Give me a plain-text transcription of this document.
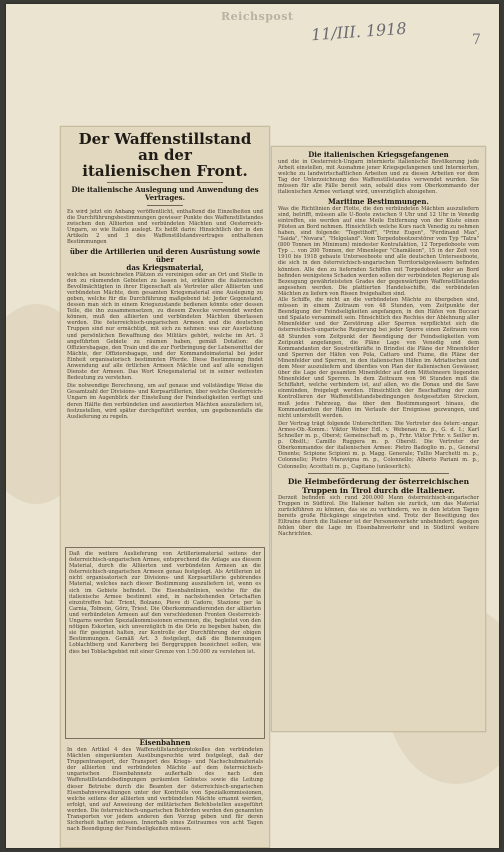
Reichspost
11/III. 1918	7
Der Waffenstillstand an der
italienischen Front.
Die italienische Auslegung und Anwendung des
Vertrages.

Es wird jetzt ein Anhang veröffentlicht, enthaltend die Einzelheiten und die Durchführungsbestimmungen gewisser Punkte des Waffenstillstandes zwischen den Alliierten und verbündeten Mächten und Oesterreich-Ungarn, so wie Italien auslegt. Es heißt darin: Hinsichtlich der in den Artikeln 2 und 3 des Waffenstillstandsvertrages enthaltenen Bestimmungen

über die Artillerien und deren Ausrüstung sowie über
das Kriegsmaterial,

welches an bezeichneten Plätzen zu vereinigen oder an Ort und Stelle in den zu räumenden Gebieten zu lassen ist, erklären die italienischen Bevollmächtigten in ihrer Eigenschaft als Vertreter aller Alliierten und verbündeten Mächte, dem gesamten Kriegsmaterial eine Auslegung zu geben, welche für die Durchführung maßgebend ist: Jeder Gegenstand, dessen man sich in einem Kriegszustande bedienen könnte oder dessen Teile, die ihn zusammensetzen, zu diesem Zwecke verwendet werden können, muß den alliierten und verbündeten Mächten überlassen werden. Die österreichisch-ungarischen Armeen und die deutschen Truppen sind nur ermächtigt, mit sich zu nehmen: was zur Ausrüstung und persönlichen Bewaffnung des Militärs gehört, welche im Art. 3 angeführten Gebiete zu räumen haben, gemäß Dotation: die Offiziersbagage, den Train und die zur Fortbringung der Lebensmittel der Mächte, der Offiziersbagage, und der Kommandoimaterial bei jeder Einheit organisatorisch bestimmten Pferde. Diese Bestimmung findet Anwendung auf alle örtlichen Armeen Mächte und auf alle sonstigen Dienste der Armeen. Das Wort Kriegsmaterial ist in seiner weitesten Bedeutung zu verstehen.

Die notwendige Berechnung, um auf genaue und vollständige Weise die Gesamtzahl der Divisions- und Korpsartillerien, über welche Oesterreich-Ungarn im Augenblick der Einstellung der Feindseligkeiten verfügt und deren Hälfte den verbündeten und assoziierten Mächten auszuliefern ist, festzustellen, wird später durchgeführt werden, um gegebenenfalls die Auslieferung zu regeln.

Daß die weitere Auslieferung von Artilleriematerial seitens der österreichisch-ungarischen Armee, entsprechend die Anlage aus diesem Material, durch die Alliierten und verbündeten Armeen an die österreichisch-ungarischen Armeen genau festgelegt. Als Artillerien ist nicht organisatorisch zur Divisions- und Korpsartillerie gehörendes Material, welches nach dieser Bestimmung auszuliefern ist, wenn es sich im Gebiete befindet. Die Eisenbahnlinien, welche für die italienische Armee bestimmt sind, in nachstehenden Ortschaften einzutreffen hat: Trient, Bolzano, Pieve di Cadore, Stazione per la Carnia, Tolmein, Görz, Triest. Die Oberkommandierenden der alliierten und verbündeten Armeen auf den verschiedenen Fronten Oesterreich-Ungarns werden Spezialkommissionen ernennen, die, begleitet von den nötigen Eskorten, sich unverzüglich in die Orte zu begeben haben, die sie für geeignet halten, zur Kontrolle der Durchführung der obigen Bestimmungen. Gemäß Art. 3 festgelegt, daß die Benennungen Loblachtberg und Karerberg bei Berggruppen bezeichnet sollen, wie dies bei Toblachgebiet mit einer Grenze von 1:50.000 zu verstehen ist.

Eisenbahnen

In den Artikel 4 des Waffenstillstandsprotokolles den verbündeten Mächten eingeräumten Ausübungsrechte wird festgelegt, daß der Truppentransport, der Transport des Kriegs- und Nachschubmaterials der alliierten und verbündeten Mächte auf dem österreichisch-ungarischen Eisenbahnnetz außerhalb des nach den Waffenstillstandsbedingungen geräumten Gebietes sowie die Leitung dieser Betriebe durch die Beamten der österreichisch-ungarischen Eisenbahnverwaltungen unter der Kontrolle von Spezialkommissionen, welche seitens der alliierten und verbündeten Mächte ernannt werden, erfolgt, und auf Anweisung der militärischen Befehlsstellen ausgeführt werden. Die österreichisch-ungarischen Behörden werden den genannten Transporten vor jedem anderen den Vorzug geben und für deren Sicherheit haften müssen. Innerhalb eines Zeitraumes von acht Tagen nach Beendigung der Feindseligkeiten müssen.

Die italienischen Kriegsgefangenen

und die in Oesterreich-Ungarn internierte italienische Bevölkerung jede Arbeit einstellen, mit Ausnahme jener Kriegsgefangenen und Internierten, welche zu landwirtschaftlichen Arbeiten und zu diesen Arbeiten vor dem Tag der Unterzeichnung des Waffenstillstandes verwendet wurden. Sie müssen für alle Fälle bereit sein, sobald dies vom Oberkommando der italienischen Armee verlangt wird, unverzüglich abzugehen.

Maritime Bestimmungen.

Was die Richtlinien der Flotte, die den verbündeten Mächten auszuliefern sind, betrifft, müssen alle U-Boote zwischen 9 Uhr und 12 Uhr in Venedig eintreffen, sie werden auf eine Meile Entfernung von der Küste einen Piloten an Bord nehmen. Hinsichtlich welche Kurs nach Venedig zu nehmen haben, sind folgende: "Tegetthoff", "Prinz Eugen", "Ferdinand Max", "Saida", "Novara", "Helgoland". Vom Torpedobootzerstörer vom Typ "Tatra" (800 Tonnen im Minimum) mindester Kontrafaktion, 12 Torpedoboote vom Typ ... von 200 Tonnen, der Minenleger "Chamäleon", 15 in der Zeit von 1910 bis 1918 gebaute Unterseeboote und alle deutschen Unterseeboote, die sich in den österreichisch-ungarischen Territorialgewässern befinden könnten. Alle den zu liefernden Schiffen mit Torpedoboot oder an Bord befinden wenigstens Schaden werden sollen der verbündeten Regierung als Bezeugung gewährleisteten Grades der gegenwärtigen Waffenstillstandes angesehen werden. Die plattierten Handelsschiffe, die verbündeten Mächten zu liefern von Rissen freigehalten sind.

Alle Schiffe, die nicht an die verbündeten Mächte zu übergeben sind, müssen in einem Zeitraum von 48 Stunden, vom Zeitpunkte der Beendigung der Feindseligkeiten angefangen, in den Häfen von Buccari und Spalato versammelt sein. Hinsichtlich des Rechtes der Ablehnung aller Minenfelder und der Zerstörung aller Sperren verpflichtet sich die österreichisch-ungarische Regierung bei jeder Sperre einen Zeitraum von 48 Stunden vom Zeitpunkt der Beendigung der Feindseligkeiten vom Zeitpunkt angefangen, die Pläne Lage von Venedig und dem Kommandanten der Seestreitkräfte in Brindisi die Pläne der Minenfelder und Sperren der Häfen von Pola, Cattaro und Fiume, die Pläne der Minenfelder und Sperren, in den italienischen Häfen im Adriatischen und dem Meer auszuliefern und überdies von Plan der italienischen Gewässer, über die Lage der gesamten Minenfelder auf dem Mittelmeere liegenden Minenfelder und Sperren. In dem Zeitraum von 96 Stunden muß die Schiffahrt, welche verhindern ist, auf allen, wo die Donau und die Save einmünden, freigelegt werden. Hinsichtlich der Beschaffung der zum Kontrollieren der Waffenstillstandsbedingungen festgesetzten Strecken, muß jedes Fahrzeug, das über den Bestimmungsort hinaus, die Kommandanten der Häfen im Verlaufe der Ereignisse gezwungen, und nicht unterstellt werden.

Der Vertrag trägt folgende Unterschriften: Die Vertreter des österr.-ungar. Armee-Ob.-Komm.: Viktor Weber Edl. v. Webenau m. p., G. d. I.; Karl Schneller m. p., Oberst; Gemeinschaft m. p., Frhr. Viktor Frhr. v. Seiller m. p. Obstlt.; Camillo Ruggera m. p. Oberstl. Die Vertreter der Oberkommandos der italienischen Armee: Pietro Badoglio m. p., General Tenente; Scipione Scipioni m. p. Magg. Generale; Tullio Marchetti m. p., Colonnello; Pietro Maravigna m. p., Colonnello; Alberto Pariani m. p., Colonnello; Accettati m. p., Capitano (unleserlich).

Die Heimbeförderung der österreichischen Truppen in Tirol durch die Italiener.

Derzeit befinden sich rund 200.000 Mann österreichisch-ungarischer Truppen in Südtirol. Die Italiener halten sie zurück, um das Material zurückführen zu können, das sie zu verhindern, wo in den letzten Tagen bereits große Rückgänge eingetreten sind. Trotz der Beseitigung des Eiltrains durch die Italiener ist der Personenverkehr unbehindert; dagegen fehlen über die Lage im Eisenbahnverkehr und in Südtirol weitere Nachrichten.
